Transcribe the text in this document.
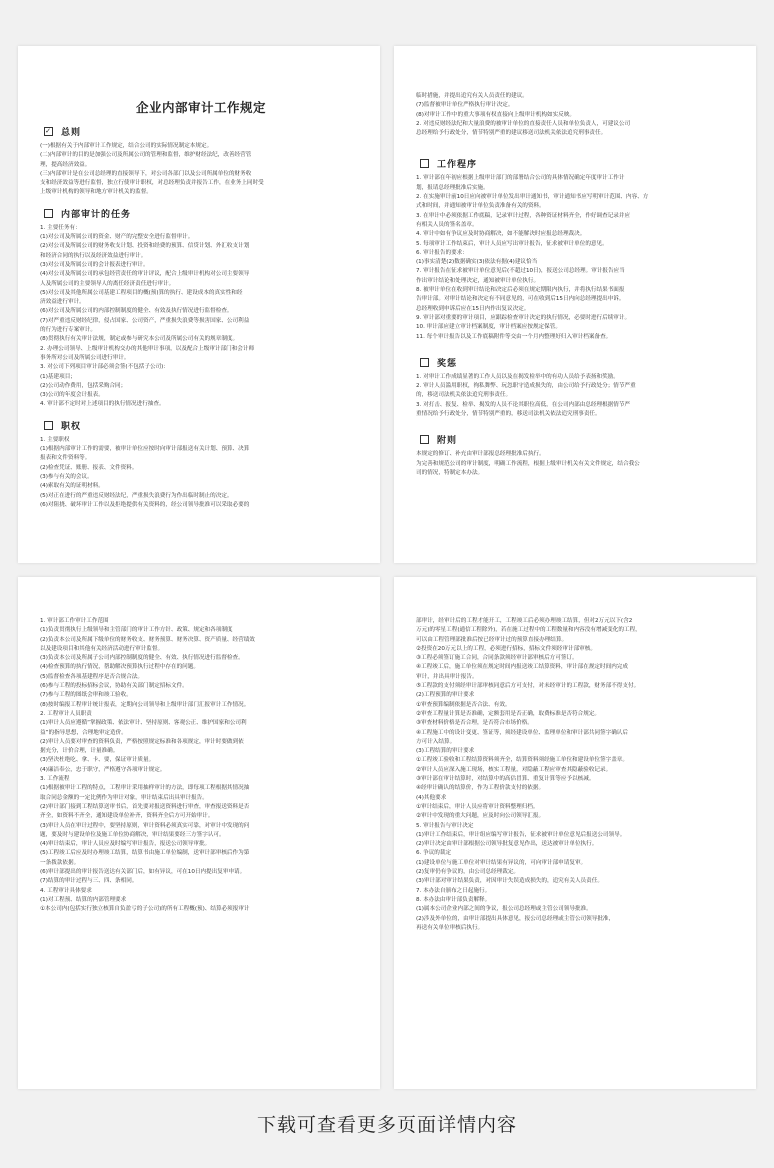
企业内部审计工作规定
✓ 总则
(一)根据有关于内部审计工作规定，结合公司的实际情况制定本规定。
(二)内部审计的目的是加强公司及所属公司的管理和监督，维护财经法纪，改善经营管
理，提高经济效益。
(三)内部审计是在公司总经理的直接领导下，对公司各部门以及公司所属单位的财务收
支和经济效益等进行监督，独立行使审计职权，对总经理负责并报告工作，在业务上同时受
上级审计机构的领导和地方审计机关的监督。
内部审计的任务
1. 主要任务有：
(1)对公司及所属公司的资金、财产的完整安全进行监督审计。
(2)对公司及所属公司的财务收支计划、投资和经费的预算、信贷计划、外汇收支计划
和经济合同的执行以及经济效益进行审计。
(3)对公司及所属公司的会计报表进行审计。
(4)对公司及所属公司的承包经营责任的审计评议，配合上级审计机构对公司主要领导
人及所属公司的主要领导人的离任经济责任进行审计。
(5)对公司及其他所属公司基建工程项目的概(预)算的执行、建设成本的真实性和经
济效益进行审计。
(6)对公司及所属公司的内部控制制度的健全、有效及执行情况进行监督检查。
(7)对严重违反财经纪律，侵占国家、公司资产，严重损失浪费等损害国家、公司利益
的行为进行专案审计。
(8)贯彻执行有关审计法规，制定或参与研究本公司及所属公司有关的规章制度。
2. 办理公司领导、上级审计机构交办的其他审计事项，以及配合上级审计部门和会计师
事务所对公司及所属公司进行审计。
3. 对公司下列项目审计部必须会签(不包括子公司)：
(1)基建项目；
(2)公司动作费用，包括采购合同；
(3)公司的年度会计报表。
4. 审计部不定时对上述项目的执行情况进行抽查。
职权
1. 主要职权
(1)根据内部审计工作的需要，被审计单位应按时向审计部报送有关计划、预算、决算
报表和文件资料等。
(2)检查凭证、账册、报表、文件资料。
(3)参与有关的会议。
(4)索取有关的证明材料。
(5)对正在进行的严重违反财经法纪，严重损失浪费行为作出临时制止的决定。
(6)对阻挠、破坏审计工作以及拒绝提供有关资料的，经公司领导批准可以采取必要的
临时措施，并提出追究有关人员责任的建议。
(7)监督被审计单位严格执行审计决定。
(8)对审计工作中的重大事项有权直接向上级审计机构如实反映。
2. 对违反财经法纪和大量浪费的被审计单位的直接责任人员和单位负责人，可建议公司
总经理给予行政处分，情节特别严重的建议移送司法机关依法追究刑事责任。
工作程序
1. 审计部在年初应根据上级审计部门的部署结合公司的具体情况确定年度审计工作计
划，报请总经理批准后实施。
2. 在实施审计前10日应向被审计单位发出审计通知书，审计通知书应写明审计范围、内容、方
式和时间，并通知被审计单位负责准备有关的资料。
3. 在审计中必须依据工作底稿，记录审计过程，各种资证材料齐全，作好调查记录并应
有相关人员的签名盖章。
4. 审计中如有争议应及时协商解决，如不能解决时应报总经理裁决。
5. 每项审计工作结束后，审计人员应写出审计报告，征求被审计单位的意见。
6. 审计报告的要求：
(1)事实清楚(2)数据确实(3)依法有据(4)建议恰当
7. 审计报告在征求被审计单位意见后(不超过10日)，报送公司总经理。审计报告应当
作出审计结论和处理决定，通知被审计单位执行。
8. 被审计单位在收到审计结论和决定后必须在规定期限内执行，并将执行结果书面报
告审计部。对审计结论和决定有不同意见的，可在收到后15日内向总经理提出申诉。
总经理收到申诉后应在15日内作出复议决定。
9. 审计部对重要的审计项目，应跟踪检查审计决定的执行情况，必要时进行后续审计。
10. 审计部应建立审计档案制度，审计档案应按规定保管。
11. 每个审计报告以及工作底稿附件等交由一个月内整理好归入审计档案备查。
奖惩
1. 对审计工作成绩显著的工作人员以及在揭发检举中的有功人员给予表扬和奖励。
2. 审计人员滥用职权，徇私舞弊、玩忽职守造成损失的，由公司给予行政处分；情节严重
的，移送司法机关依法追究刑事责任。
3. 对打击、报复、检举、揭发的人员不论其职位高低，在公司内部由总经理根据情节严
重情况给予行政处分，情节特别严重的，移送司法机关依法追究刑事责任。
附则
本规定的修订、补充由审计部报总经理批准后执行。
为完善和规范公司的审计制度，明确工作流程，根据上级审计机关有关文件规定，结合我公
司的情况，特制定本办法。
1. 审计部工作审计工作范围
(1)负责贯彻执行上级领导和主管部门的审计工作方针、政策、规定和各项制度
(2)负责本公司及所属下级单位的财务收支、财务预算、财务决算、资产质量、经营绩效
以及建设项目和其他有关经济活动进行审计监督。
(3)负责本公司及所属子公司内部控制制度的健全、有效、执行情况进行监督检查。
(4)检查预算的执行情况，帮助解决预算执行过程中存在的问题。
(5)监督检查各项基建程序是否合规合法。
(6)参与工程的投标招标会议，协助有关部门制定招标文件。
(7)参与工程的图纸会审和竣工验收。
(8)按时编报工程审计统计报表，定期向公司领导和上级审计部门汇报审计工作情况。
2. 工程审计人员职责
(1)审计人员应遵循“掌握政策、依法审计、坚持原则、客观公正、维护国家和公司利
益”的指导思想，合理地审定造价。
(2)审计人员要对审查的资料负责，严格按照规定标准和各项规定，审计时要做到依
据充分，计价合理，计量准确。
(3)坚决杜绝吃、拿、卡、要，保证审计质量。
(4)廉洁奉公，忠于职守，严格遵守各项审计规定。
3. 工作流程
(1)根据被审计工程的特点，工程审计采用抽样审计的方法，即每项工程根据其情况抽
取合同总金额的一定比例作为审计对象，审计结束后出具审计报告。
(2)审计部门接到工程结算送审书后，首先要对报送资料进行审查，审查报送资料是否
齐全，如资料不齐全，通知建设单位补齐，资料齐全后方可开始审计。
(3)审计人员在审计过程中，要坚持原则，审计资料必须真实可靠，对审计中发现的问
题，要及时与建设单位及施工单位协商解决，审计结果要经三方签字认可。
(4)审计结束后，审计人员应及时编写审计报告，报送公司领导审批。
(5)工程竣工后应及时办理竣工结算，结算书由施工单位编制，送审计部审核后作为第
一条拨款依据。
(6)审计部提出的审计报告送达有关部门后，如有异议，可在10日内提出复审申请。
(7)结算的审计过程与三、四、条相同。
4. 工程审计具体要求
(1)对工程预、结算的内部管理要求
①本公司内(包括实行独立核算自负盈亏的子公司)的所有工程概(预)、结算必须报审计
部审计，经审计后的工程才能开工，工程竣工后必须办理竣工结算，但对2万元以下(含2
万元)的零星工程(通信工程除外)，若在施工过程中的工程数量和内容没有增减变化的工程，
可以由工程管理部批准后按已经审计过的预算直接办理结算。
②投资在20万元以上的工程，必须进行招标，招标文件须经审计部审核。
③工程必须签订施工合同，合同条款须经审计部审核后方可签订。
④工程竣工后，施工单位须在规定时间内报送竣工结算资料，审计部在规定时间内完成
审计，并出具审计报告。
⑤工程款的支付须经审计部审核同意后方可支付，对未经审计的工程款，财务部不得支付。
(2)工程预算的审计要求
①审查预算编制依据是否合法、有效。
②审查工程量计算是否准确，定额套用是否正确，取费标准是否符合规定。
③审查材料价格是否合理，是否符合市场价格。
④工程施工中的设计变更、签证等，须经建设单位、监理单位和审计部共同签字确认后
方可计入结算。
(3)工程结算的审计要求
①工程竣工验收和工程结算资料须齐全，结算资料须经施工单位和建设单位签字盖章。
②审计人员应深入施工现场，核实工程量，对隐蔽工程应审查其隐蔽验收记录。
③审计部在审计结算时，对结算中的高估冒算、重复计算等应予以核减。
④经审计确认的结算价，作为工程价款支付的依据。
(4)其他要求
①审计结束后，审计人员应将审计资料整理归档。
②审计中发现的重大问题，应及时向公司领导汇报。
5. 审计报告与审计决定
(1)审计工作结束后，审计组应编写审计报告，征求被审计单位意见后报送公司领导。
(2)审计决定由审计部根据公司领导批复意见作出，送达被审计单位执行。
6. 争议的裁定
(1)建设单位与施工单位对审计结果有异议的，可向审计部申请复审。
(2)复审仍有争议的，由公司总经理裁定。
(3)审计部对审计结果负责，对因审计失误造成损失的，追究有关人员责任。
7. 本办法自颁布之日起施行。
8. 本办法由审计部负责解释。
(1)属本公司企业内部之间的争议，报公司总经理或主管公司领导批准。
(2)涉及外单位的，由审计部提出具体意见，报公司总经理或主管公司领导批准，
再送有关单位审核后执行。
下载可查看更多页面详情内容
